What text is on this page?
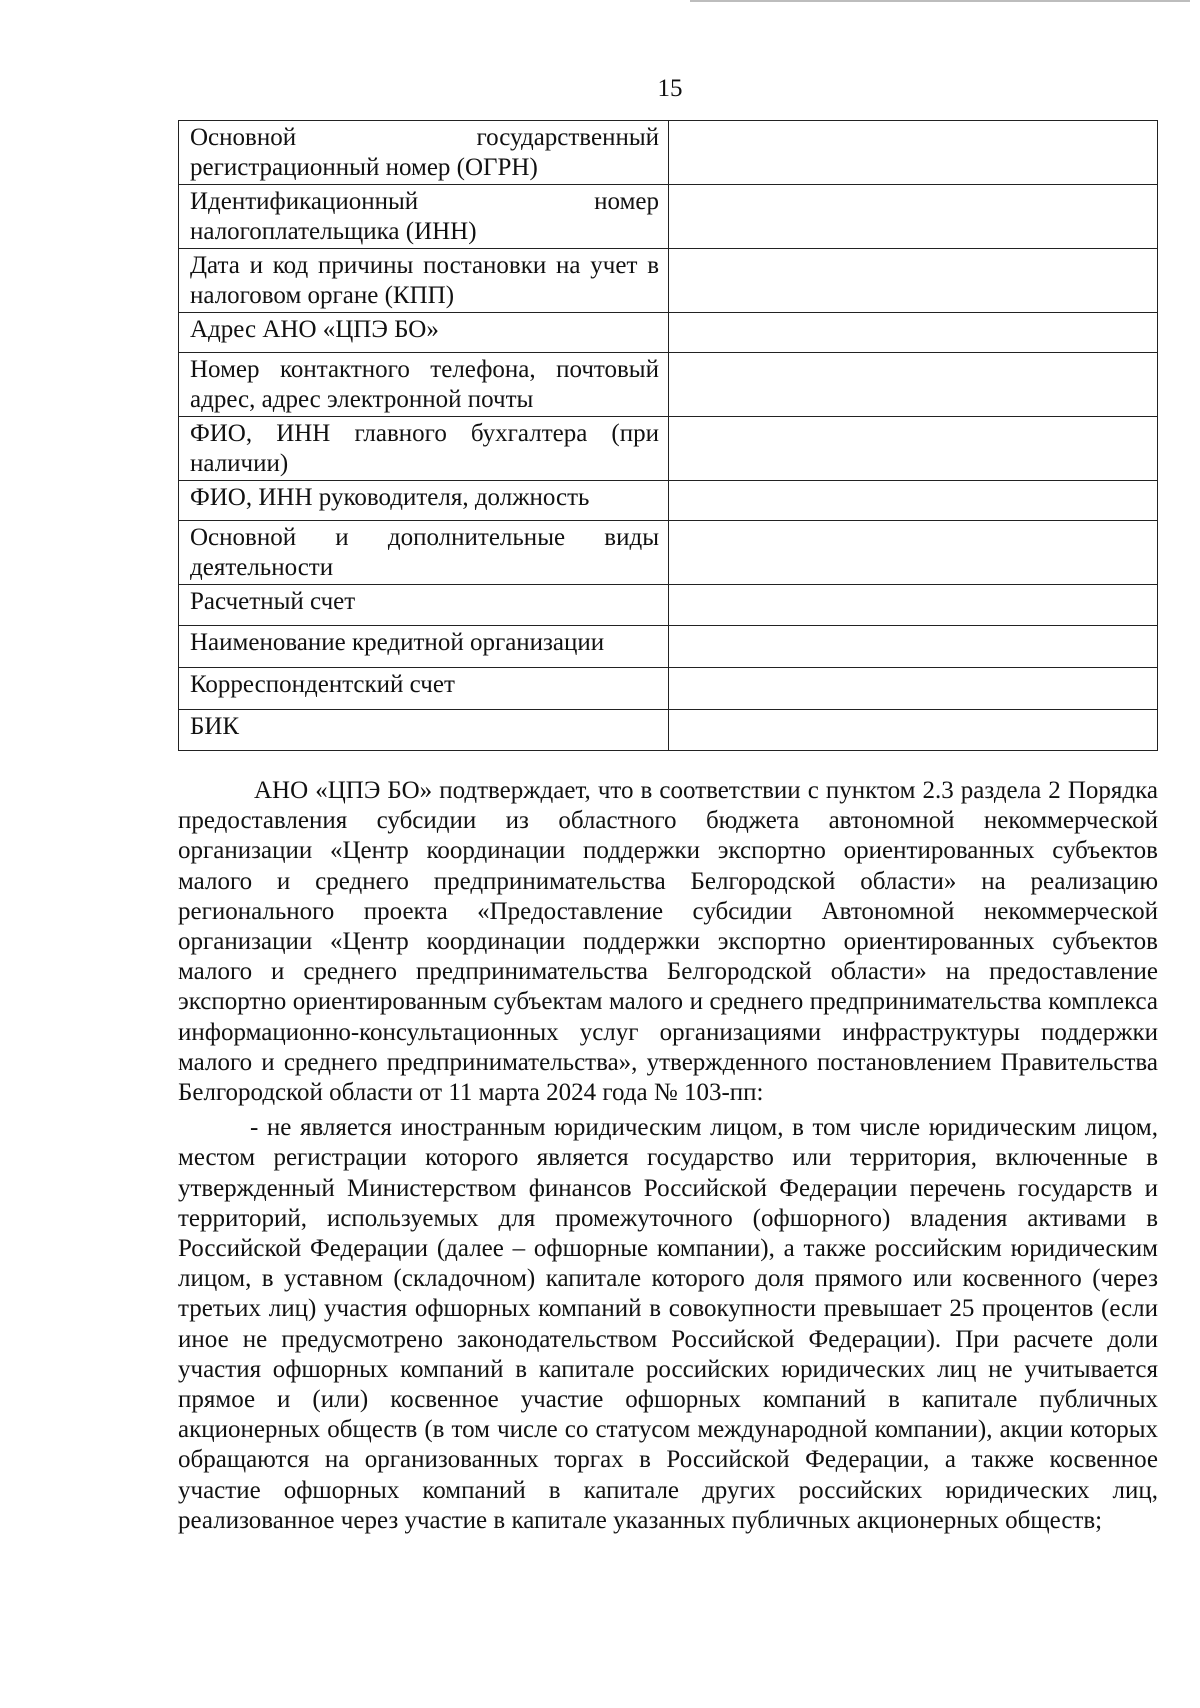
15
Основной государственный регистрационный номер (ОГРН)	
Идентификационный номер налогоплательщика (ИНН)	
Дата и код причины постановки на учет в налоговом органе (КПП)	
Адрес АНО «ЦПЭ БО»	
Номер контактного телефона, почтовый адрес, адрес электронной почты	
ФИО, ИНН главного бухгалтера (при наличии)	
ФИО, ИНН руководителя, должность	
Основной и дополнительные виды деятельности	
Расчетный счет	
Наименование кредитной организации	
Корреспондентский счет	
БИК	

АНО «ЦПЭ БО» подтверждает, что в соответствии с пунктом 2.3 раздела 2 Порядка предоставления субсидии из областного бюджета автономной некоммерческой организации «Центр координации поддержки экспортно ориентированных субъектов малого и среднего предпринимательства Белгородской области» на реализацию регионального проекта «Предоставление субсидии Автономной некоммерческой организации «Центр координации поддержки экспортно ориентированных субъектов малого и среднего предпринимательства Белгородской области» на предоставление экспортно ориентированным субъектам малого и среднего предпринимательства комплекса информационно-консультационных услуг организациями инфраструктуры поддержки малого и среднего предпринимательства», утвержденного постановлением Правительства Белгородской области от 11 марта 2024 года № 103-пп:

- не является иностранным юридическим лицом, в том числе юридическим лицом, местом регистрации которого является государство или территория, включенные в утвержденный Министерством финансов Российской Федерации перечень государств и территорий, используемых для промежуточного (офшорного) владения активами в Российской Федерации (далее – офшорные компании), а также российским юридическим лицом, в уставном (складочном) капитале которого доля прямого или косвенного (через третьих лиц) участия офшорных компаний в совокупности превышает 25 процентов (если иное не предусмотрено законодательством Российской Федерации). При расчете доли участия офшорных компаний в капитале российских юридических лиц не учитывается прямое и (или) косвенное участие офшорных компаний в капитале публичных акционерных обществ (в том числе со статусом международной компании), акции которых обращаются на организованных торгах в Российской Федерации, а также косвенное участие офшорных компаний в капитале других российских юридических лиц, реализованное через участие в капитале указанных публичных акционерных обществ;
